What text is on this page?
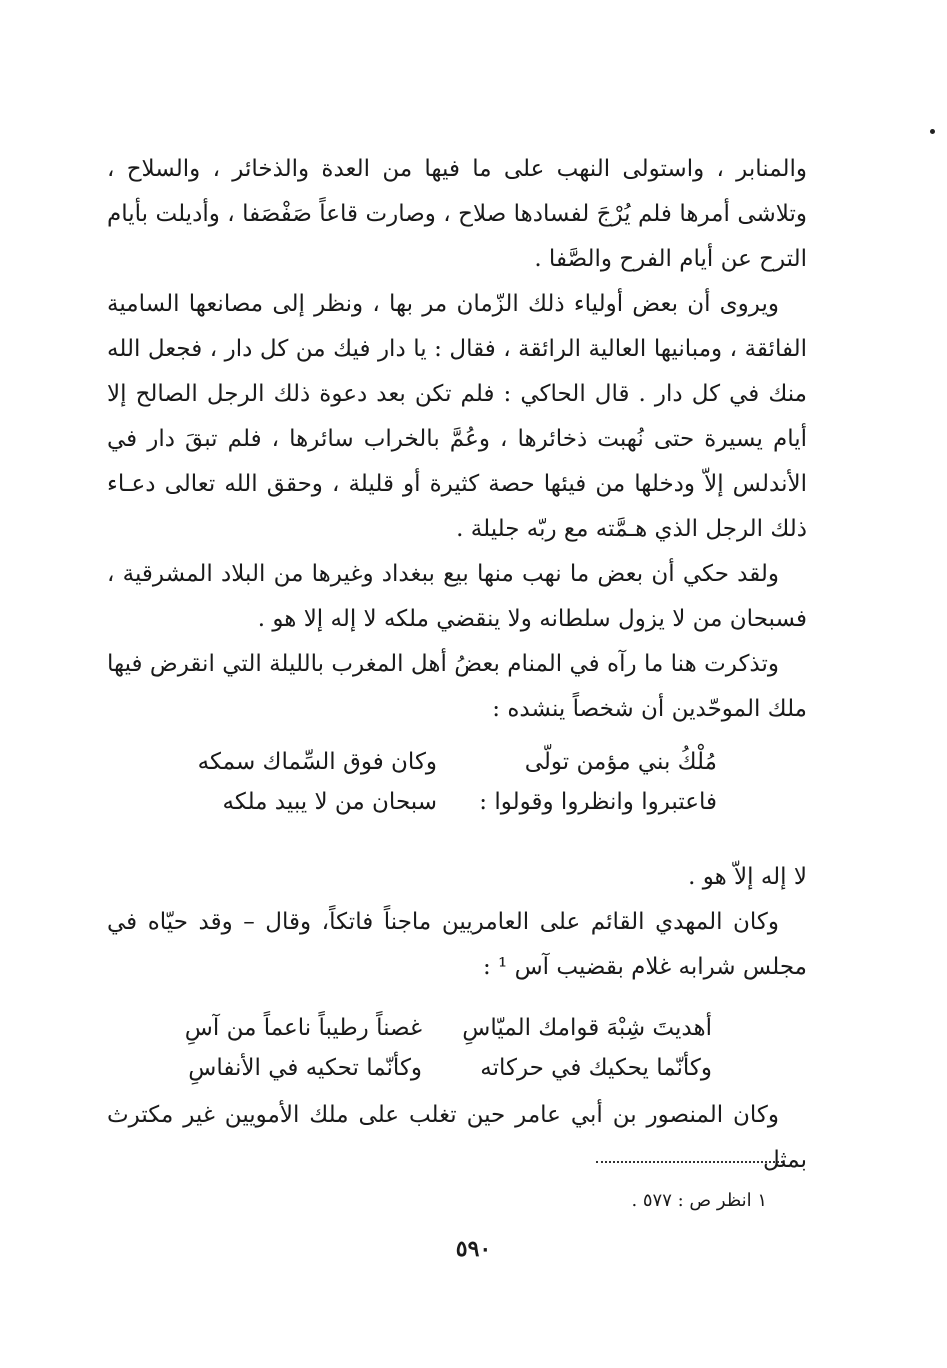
والمنابر ، واستولى النهب على ما فيها من العدة والذخائر ، والسلاح ، وتلاشى أمرها فلم يُرْجَ لفسادها صلاح ، وصارت قاعاً صَفْصَفا ، وأديلت بأيام الترح عن أيام الفرح والصَّفا .

ويروى أن بعض أولياء ذلك الزّمان مر بها ، ونظر إلى مصانعها السامية الفائقة ، ومبانيها العالية الرائقة ، فقال : يا دار فيك من كل دار ، فجعل الله منك في كل دار . قال الحاكي : فلم تكن بعد دعوة ذلك الرجل الصالح إلا أيام يسيرة حتى نُهبت ذخائرها ، وعُمَّ بالخراب سائرها ، فلم تبقَ دار في الأندلس إلاّ ودخلها من فيئها حصة كثيرة أو قليلة ، وحقق الله تعالى دعـاء ذلك الرجل الذي هـمَّته مع ربّه جليلة .

ولقد حكي أن بعض ما نهب منها بيع ببغداد وغيرها من البلاد المشرقية ، فسبحان من لا يزول سلطانه ولا ينقضي ملكه لا إله إلا هو .

وتذكرت هنا ما رآه في المنام بعضُ أهل المغرب بالليلة التي انقرض فيها ملك الموحّدين أن شخصاً ينشده :

مُلْكُ بني مؤمن تولّى
وكان فوق السِّماك سمكه
فاعتبروا وانظروا وقولوا :
سبحان من لا يبيد ملكه

لا إله إلاّ هو .

وكان المهدي القائم على العامريين ماجناً فاتكاً، وقال – وقد حيّاه في مجلس شرابه غلام بقضيب آس ¹ :

أهديتَ شِبْهَ قوامك الميّاسِ
غصناً رطيباً ناعماً من آسِ
وكأنّما يحكيك في حركاته
وكأنّما تحكيه في الأنفاسِ

وكان المنصور بن أبي عامر حين تغلب على ملك الأمويين غير مكترث بمثل

١ انظر ص : ٥٧٧ .
٥٩٠
